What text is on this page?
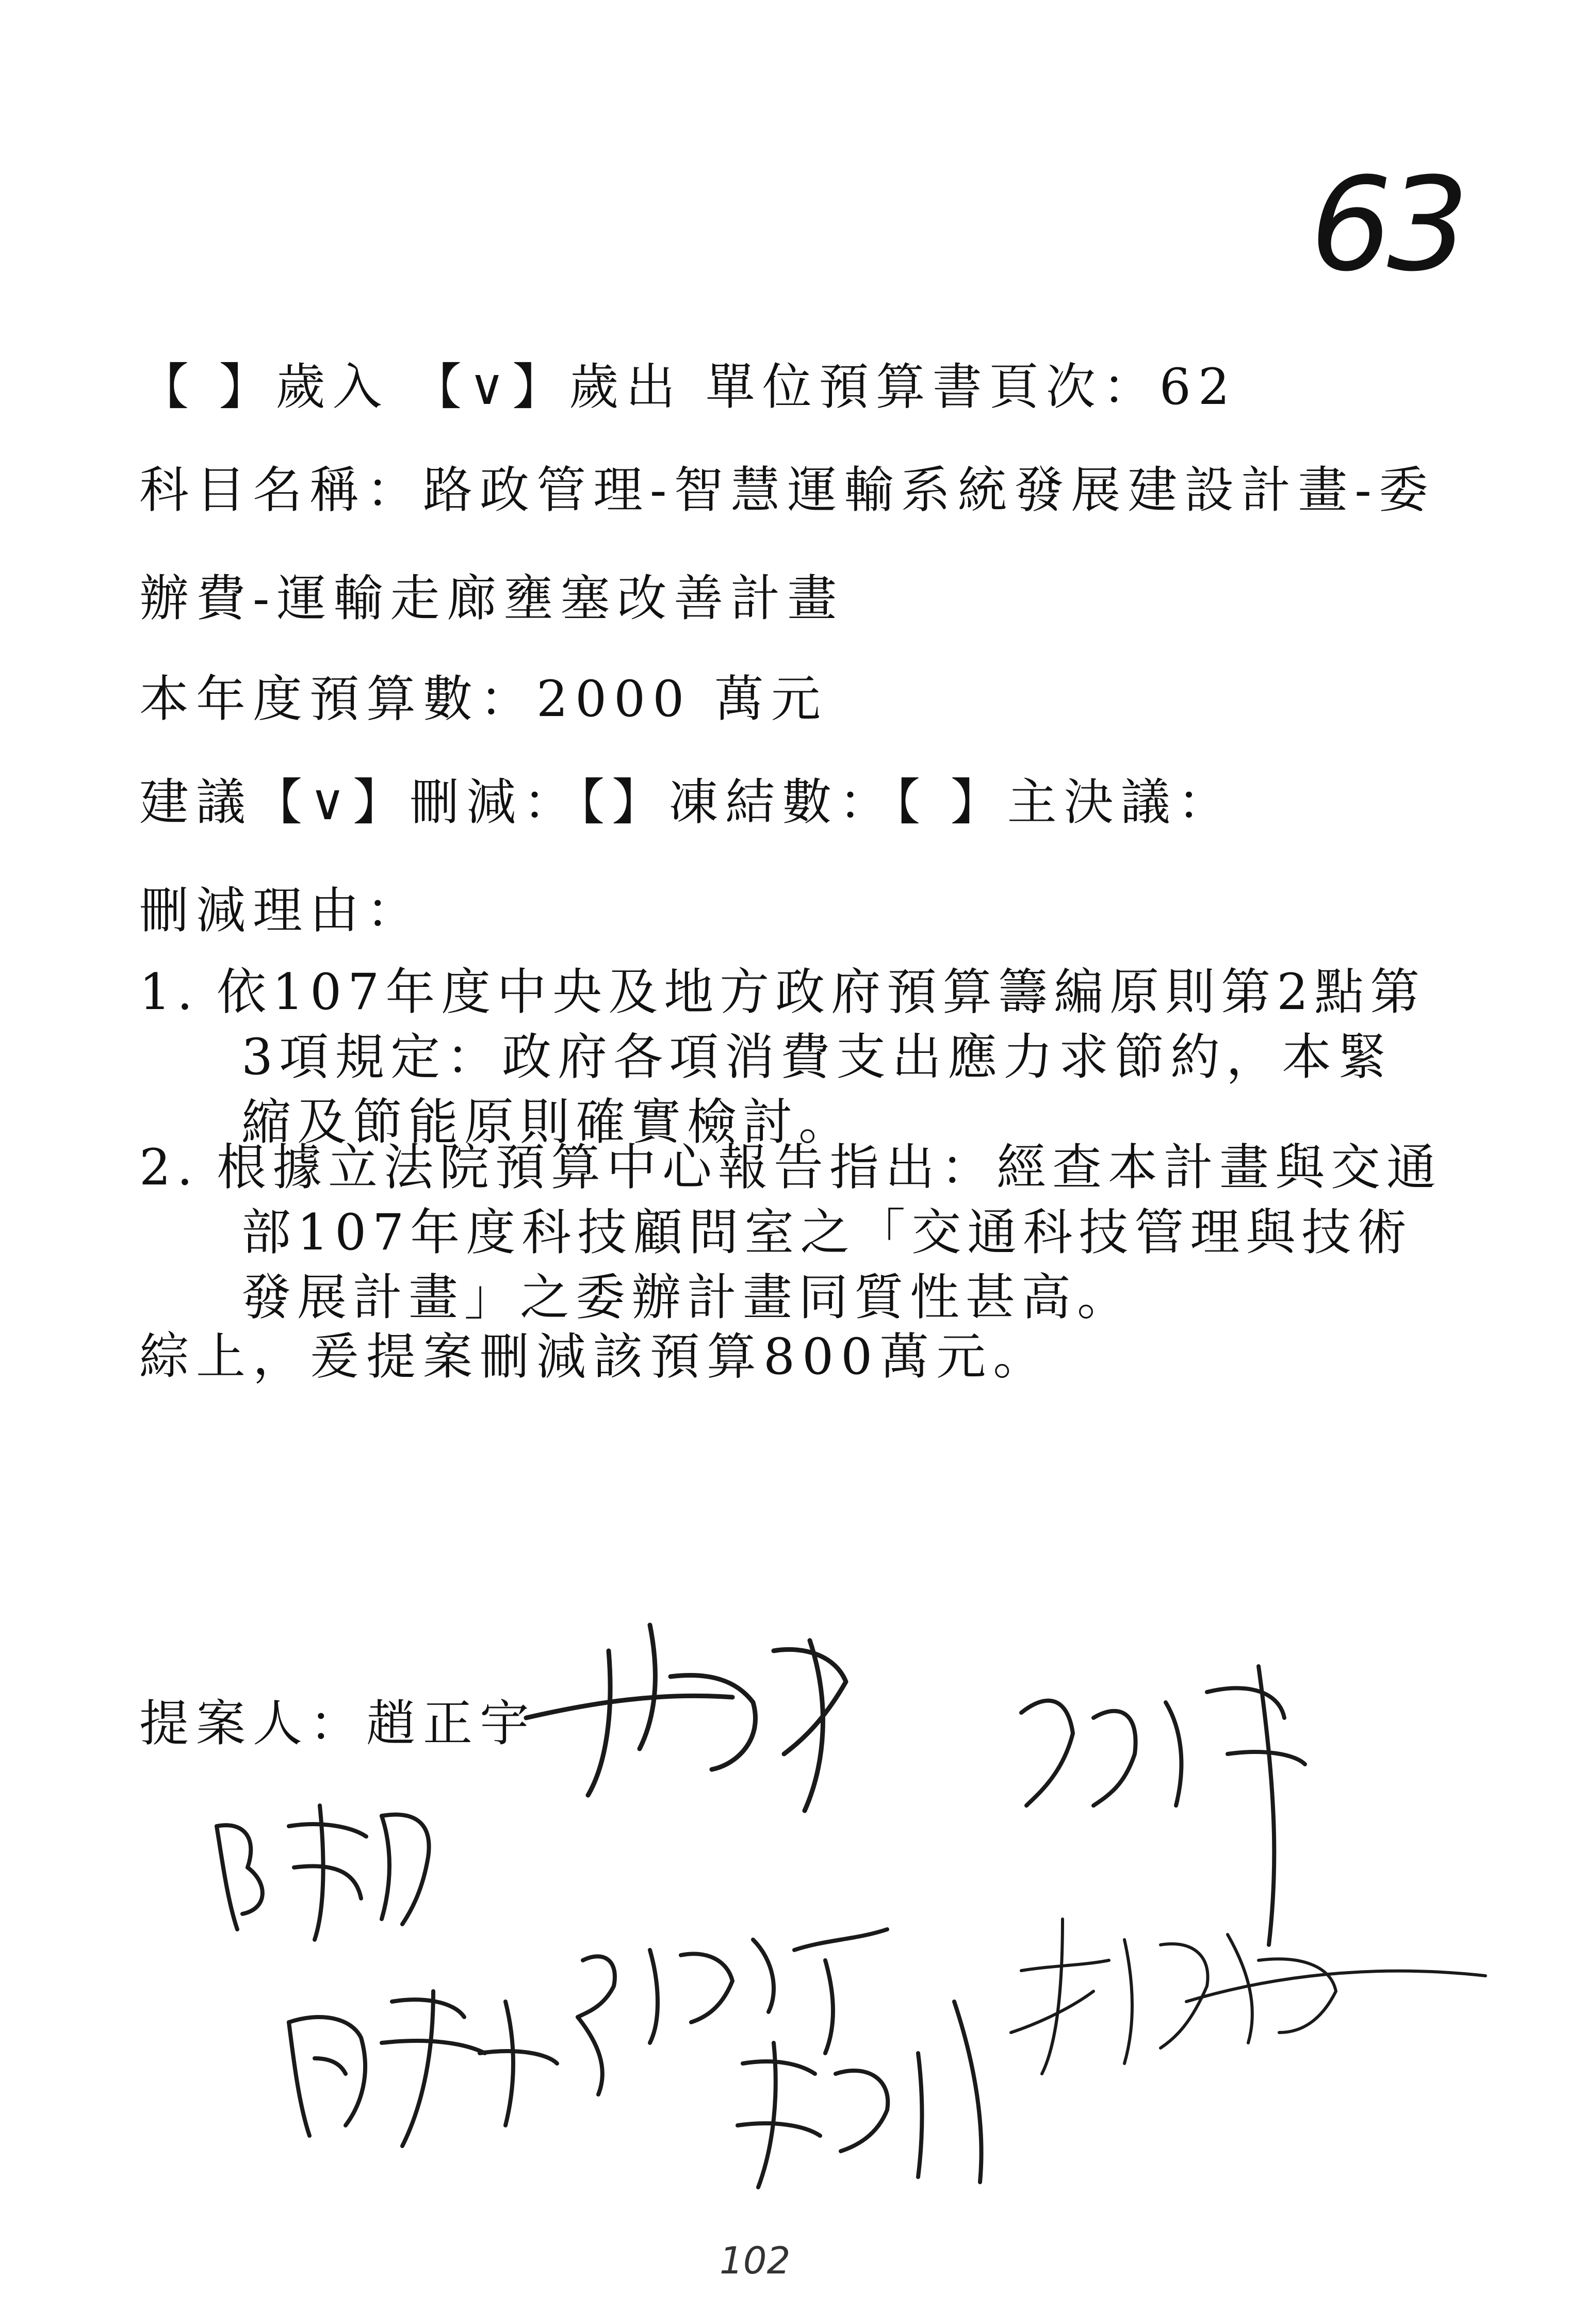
63
【 】歲入 【∨】歲出 單位預算書頁次：62
科目名稱：路政管理-智慧運輸系統發展建設計畫-委
辦費-運輸走廊壅塞改善計畫
本年度預算數：2000 萬元
建議【∨】刪減：【】凍結數：【 】主決議：
刪減理由：
1. 依107年度中央及地方政府預算籌編原則第2點第
3項規定：政府各項消費支出應力求節約，本緊
縮及節能原則確實檢討。
2. 根據立法院預算中心報告指出：經查本計畫與交通
部107年度科技顧問室之「交通科技管理與技術
發展計畫」之委辦計畫同質性甚高。
綜上，爰提案刪減該預算800萬元。
提案人：趙正宇
102
